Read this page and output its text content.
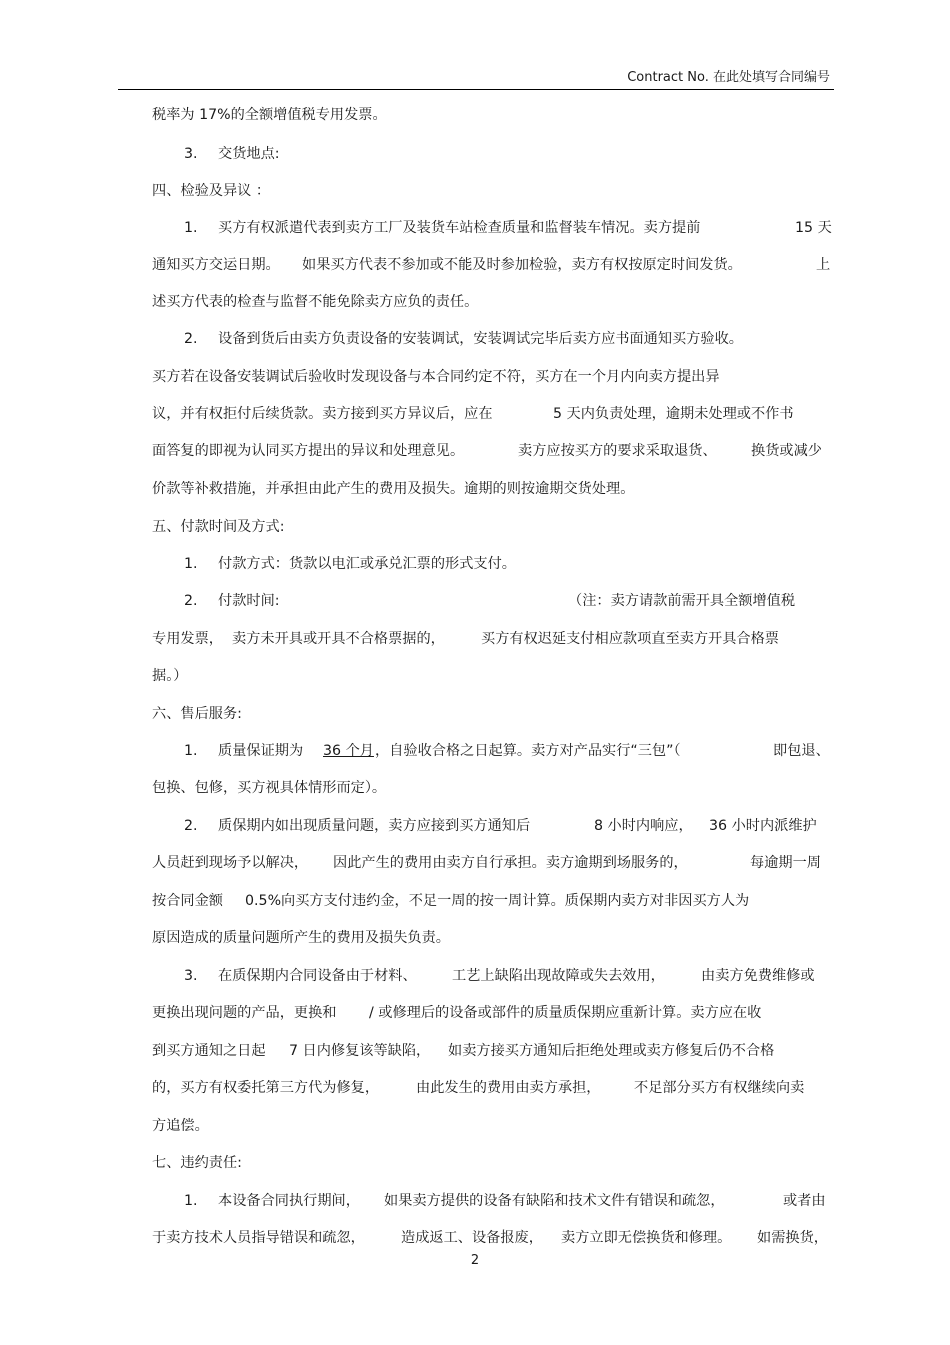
Contract No. 在此处填写合同编号
税率为 17%的全额增值税专用发票。
3. 交货地点:
四、检验及异议 ：
1. 买方有权派遣代表到卖方工厂及装货车站检查质量和监督装车情况。卖方提前	15 天
通知买方交运日期。 如果买方代表不参加或不能及时参加检验，卖方有权按原定时间发货。	上
述买方代表的检查与监督不能免除卖方应负的责任。
2. 设备到货后由卖方负责设备的安装调试，安装调试完毕后卖方应书面通知买方验收。
买方若在设备安装调试后验收时发现设备与本合同约定不符，买方在一个月内向卖方提出异
议，并有权拒付后续货款。卖方接到买方异议后，应在	5 天内负责处理，逾期未处理或不作书
面答复的即视为认同买方提出的异议和处理意见。	卖方应按买方的要求采取退货、 换货或减少
价款等补救措施，并承担由此产生的费用及损失。逾期的则按逾期交货处理。
五、付款时间及方式:
1. 付款方式：货款以电汇或承兑汇票的形式支付。
2. 付款时间:	（注：卖方请款前需开具全额增值税
专用发票， 卖方未开具或开具不合格票据的，	买方有权迟延支付相应款项直至卖方开具合格票
据。）
六、售后服务:
1. 质量保证期为 36 个月 ，自验收合格之日起算。卖方对产品实行“三包”（	即包退、
包换、包修，买方视具体情形而定）。
2. 质保期内如出现质量问题，卖方应接到买方通知后	8 小时内响应， 36 小时内派维护
人员赶到现场予以解决， 因此产生的费用由卖方自行承担。卖方逾期到场服务的，	每逾期一周
按合同金额 0.5%向买方支付违约金，不足一周的按一周计算。质保期内卖方对非因买方人为
原因造成的质量问题所产生的费用及损失负责。
3. 在质保期内合同设备由于材料、 工艺上缺陷出现故障或失去效用，	由卖方免费维修或
更换出现问题的产品，更换和 / 或修理后的设备或部件的质量质保期应重新计算。卖方应在收
到买方通知之日起 7 日内修复该等缺陷， 如卖方接买方通知后拒绝处理或卖方修复后仍不合格
的，买方有权委托第三方代为修复，	由此发生的费用由卖方承担， 不足部分买方有权继续向卖
方追偿。
七、违约责任:
1. 本设备合同执行期间， 如果卖方提供的设备有缺陷和技术文件有错误和疏忽，	或者由
于卖方技术人员指导错误和疏忽，	造成返工、设备报废， 卖方立即无偿换货和修理。 如需换货，
2
